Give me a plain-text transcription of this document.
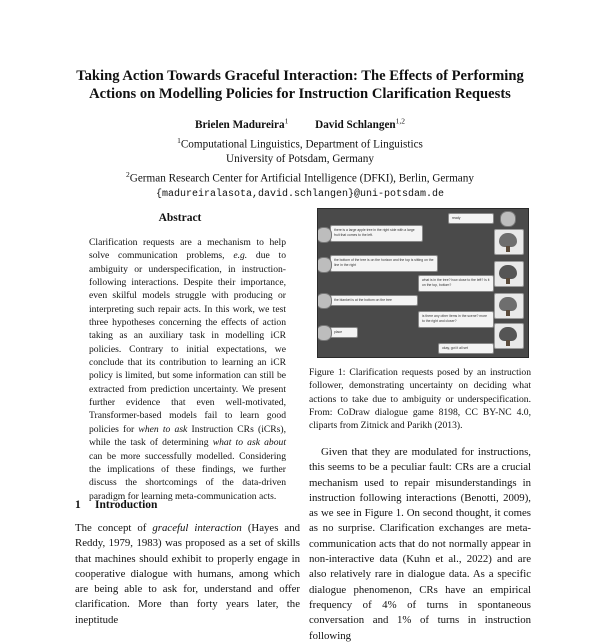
Taking Action Towards Graceful Interaction: The Effects of Performing
Actions on Modelling Policies for Instruction Clarification Requests
Brielen Madureira$^1$ David Schlangen$^{1,2}$
$^1$Computational Linguistics, Department of Linguistics
University of Potsdam, Germany
$^2$German Research Center for Artificial Intelligence (DFKI), Berlin, Germany
{madureiralasota,david.schlangen}@uni-potsdam.de
Abstract
Clarification requests are a mechanism to help solve communication problems, e.g. due to ambiguity or underspecification, in instruction-following interactions. Despite their importance, even skilful models struggle with producing or interpreting such repair acts. In this work, we test three hypotheses concerning the effects of action taking as an auxiliary task in modelling iCR policies. Contrary to initial expectations, we conclude that its contribution to learning an iCR policy is limited, but some information can still be extracted from prediction uncertainty. We present further evidence that even well-motivated, Transformer-based models fail to learn good policies for when to ask Instruction CRs (iCRs), while the task of determining what to ask about can be more successfully modelled. Considering the implications of these findings, we further discuss the shortcomings of the data-driven paradigm for learning meta-communication acts.
1 Introduction
The concept of graceful interaction (Hayes and Reddy, 1979, 1983) was proposed as a set of skills that machines should exhibit to properly engage in cooperative dialogue with humans, among which are being able to ask for, understand and offer clarification. More than forty years later, the ineptitude
ready
there is a large apple tree in the right side with a large fruit that comes to the left.
the bottom of the tree is on the horizon and the top is sitting on the line in the right
what is in the tree? how close to the left? Is it on the top, bottom?
the blanket is at the bottom on the tree
is there any other items in the scene? more to the right and closer?
place
okay, got it all set
Figure 1: Clarification requests posed by an instruction follower, demonstrating uncertainty on deciding what actions to take due to ambiguity or underspecification. From: CoDraw dialogue game 8198, CC BY-NC 4.0, cliparts from Zitnick and Parikh (2013).
Given that they are modulated for instructions, this seems to be a peculiar fault: CRs are a crucial mechanism used to repair misunderstandings in instruction following interactions (Benotti, 2009), as we see in Figure 1. On second thought, it comes as no surprise. Clarification exchanges are meta-communication acts that do not normally appear in non-interactive data (Kuhn et al., 2022) and are also relatively rare in dialogue data. As a specific dialogue phenomenon, CRs have an empirical frequency of 4% of turns in spontaneous conversation and 1% of turns in instruction following
